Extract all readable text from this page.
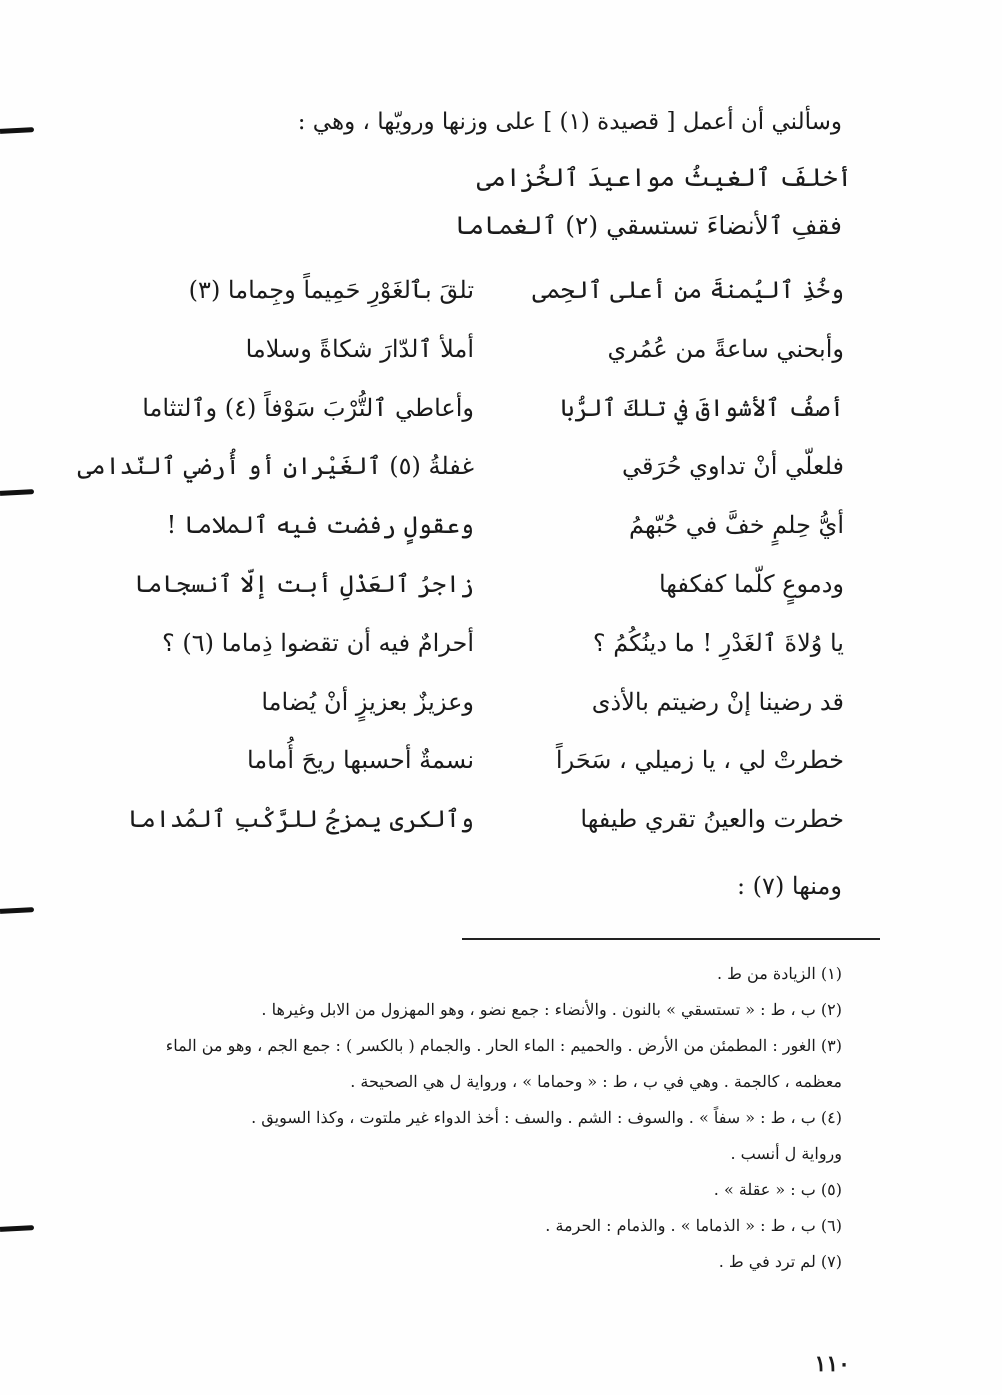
وسألني أن أعمل [ قصيدة (١) ] على وزنها ورويّها ، وهي :
أخلفَ ٱلغيثُ مواعيدَ ٱلخُزامى
فقفِ ٱلأنضاءَ تستسقي (٢) ٱلغماما
وخُذِ ٱليُمنةَ من أعلى ٱلحِمى
تلقَ بٱلغَوْرِ حَمِيماً وجِماما (٣)
وأبحني ساعةً من عُمُري
أملأ ٱلدّارَ شكاةً وسلاما
أصفُ ٱلأشواقَ في تلكَ ٱلرُّبا
وأعاطي ٱلتُّرْبَ سَوْفاً (٤) وٱلتثاما
فلعلّي أنْ تداوي حُرَقي
غفلةُ (٥) ٱلغَيْرانِ أو أُرضي ٱلنّدامى
أيُّ حِلمٍ خفَّ في حُبّهمُ
وعقولٍ رفضت فيه ٱلملاما !
ودموعٍ كلّما كفكفها
زاجرُ ٱلعَذْلِ أبت إلّا ٱنسجاما
يا وُلاةَ ٱلغَدْرِ ! ما دينُكُمُ ؟
أحرامٌ فيه أن تقضوا ذِماما (٦) ؟
قد رضينا إنْ رضيتم بالأذى
وعزيزٌ بعزيزٍ أنْ يُضاما
خطرتْ لي ، يا زميلي ، سَحَراً
نسمةٌ أحسبها ريحَ أُماما
خطرت والعينُ تقري طيفها
وٱلكرى يمزجُ للرَّكْبِ ٱلمُداما
ومنها (٧) :

(١) الزيادة من ط .

(٢) ب ، ط : « تستسقي » بالنون . والأنضاء : جمع نضو ، وهو المهزول من الابل وغيرها .

(٣) الغور : المطمئن من الأرض . والحميم : الماء الحار . والجمام ( بالكسر ) : جمع الجم ، وهو من الماء

معظمه ، كالجمة . وهي في ب ، ط : « وحماما » ، ورواية ل هي الصحيحة .

(٤) ب ، ط : « سفاً » . والسوف : الشم . والسف : أخذ الدواء غير ملتوت ، وكذا السويق .

ورواية ل أنسب .

(٥) ب : « عقلة » .

(٦) ب ، ط : « الذماما » . والذمام : الحرمة .

(٧) لم ترد في ط .

١١٠
